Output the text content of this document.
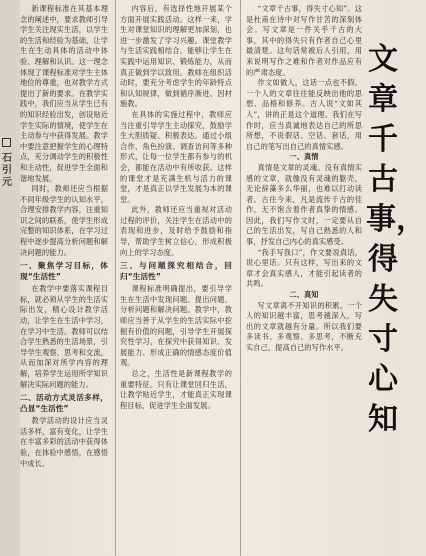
石引元

新课程标准在其基本理念的阐述中，要求教师引导学生关注现实生活，以学生的生活和经验为基础，让学生在生动具体的活动中体验、理解和认识。这一理念体现了课程标准对学生主体地位的尊重，也对教学方式提出了新的要求。在教学实践中，我们应当从学生已有的知识经验出发，创设贴近学生实际的情境，使学生在主动参与中获得发展。教学中要注意把握学生的心理特点，充分调动学生的积极性和主动性，促进学生全面和谐地发展。

同时，教师还应当根据不同年级学生的认知水平，合理安排教学内容，注重知识之间的联系，使学生形成完整的知识体系，在学习过程中逐步提高分析问题和解决问题的能力。

一、聚焦学习目标，体现“生活性”

在教学中要落实课程目标，就必须从学生的生活实际出发，精心设计教学活动，让学生在生活中学习，在学习中生活。教师可以结合学生熟悉的生活场景，引导学生观察、思考和交流，从而加深对所学内容的理解，培养学生运用所学知识解决实际问题的能力。

二、活动方式灵活多样，凸显“生活性”

教学活动的设计应当灵活多样，富有变化，让学生在丰富多彩的活动中获得体验，在体验中感悟，在感悟中成长。

内容后，有选择性地开展某个方面开展实践活动。这样一来，学生对课堂知识的理解更加深刻，也进一步激发了学习兴趣。课堂教学与生活实践相结合，能够让学生在实践中运用知识、锻炼能力，从而真正做到学以致用。教师在组织活动时，要充分考虑学生的年龄特点和认知规律，做到循序渐进、因材施教。

在具体的实施过程中，教师应当注重引导学生主动探究，鼓励学生大胆质疑、积极表达。通过小组合作、角色扮演、调查访问等多种形式，让每一位学生都有参与的机会，都能在活动中有所收获。这样的课堂才是充满生机与活力的课堂，才是真正以学生发展为本的课堂。

此外，教师还应当重视对活动过程的评价，关注学生在活动中的表现和进步，及时给予鼓励和指导，帮助学生树立信心，形成积极向上的学习态度。

三、与问题探究相结合，回归“生活性”

课程标准明确提出，要引导学生在生活中发现问题、提出问题、分析问题和解决问题。教学中，教师应当善于从学生的生活实际中挖掘有价值的问题，引导学生开展探究性学习，在探究中获得知识、发展能力、形成正确的情感态度价值观。

总之，生活性是新课程教学的重要特征。只有让课堂回归生活，让教学贴近学生，才能真正实现课程目标，促进学生全面发展。

“文章千古事，得失寸心知”。这是杜甫在诗中对写作甘苦的深刻体会。写文章是一件关乎千古的大事，其中的得失只有作者自己心里最清楚。这句话常被后人引用，用来说明写作之难和作者对作品应有的严肃态度。

作文如做人，这话一点也不假。一个人的文章往往能反映出他的思想、品格和修养。古人说“文如其人”，讲的正是这个道理。我们在写作时，应当真诚地表达自己的所思所想，不说假话、空话、套话，用自己的笔写出自己的真情实感。

一、真情

真情是文章的灵魂。没有真情实感的文章，就像没有灵魂的躯壳，无论辞藻多么华丽，也难以打动读者。古往今来，凡是流传千古的佳作，无不饱含着作者真挚的情感。因此，我们写作文时，一定要从自己的生活出发，写自己熟悉的人和事，抒发自己内心的真实感受。

“我手写我口”，作文要说真话，说心里话。只有这样，写出来的文章才会真实感人，才能引起读者的共鸣。

二、真知

写文章离不开知识的积累。一个人的知识越丰富，思考越深入，写出的文章就越有分量。所以我们要多读书、多观察、多思考，不断充实自己，提高自己的写作水平。

文章千古事，得失寸心知
